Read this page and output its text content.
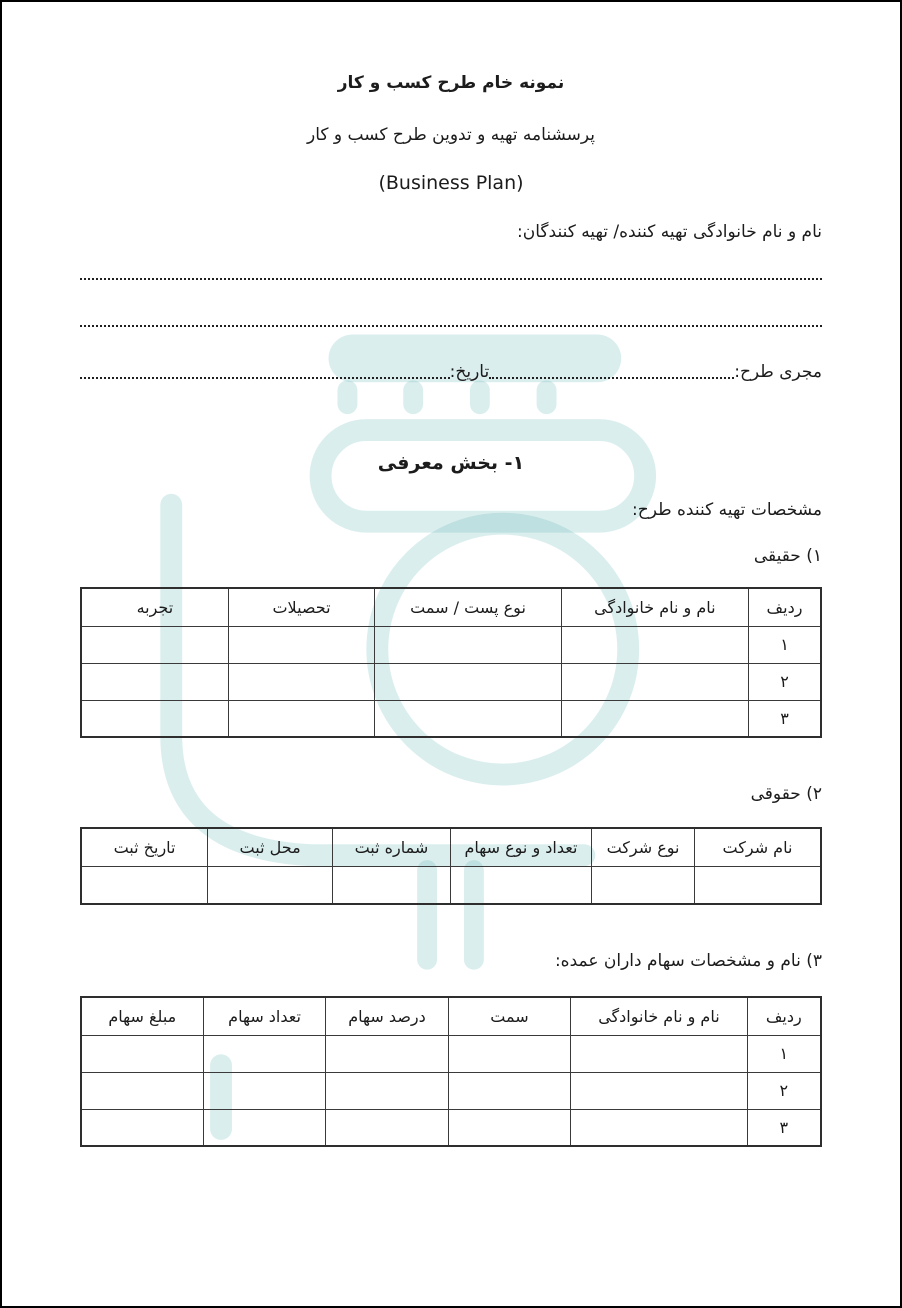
نمونه خام طرح کسب و کار

پرسشنامه تهیه و تدوین طرح کسب و کار

(Business Plan)

نام و نام خانوادگی تهیه کننده/ تهیه کنندگان:

مجری طرح:
تاریخ:

۱- بخش معرفی

مشخصات تهیه کننده طرح:

۱) حقیقی

ردیف	نام و نام خانوادگی	نوع پست / سمت	تحصیلات	تجربه
۱				
۲				
۳				

۲) حقوقی

نام شرکت	نوع شرکت	تعداد و نوع سهام	شماره ثبت	محل ثبت	تاریخ ثبت

۳) نام و مشخصات سهام داران عمده:

ردیف	نام و نام خانوادگی	سمت	درصد سهام	تعداد سهام	مبلغ سهام
۱					
۲					
۳					
